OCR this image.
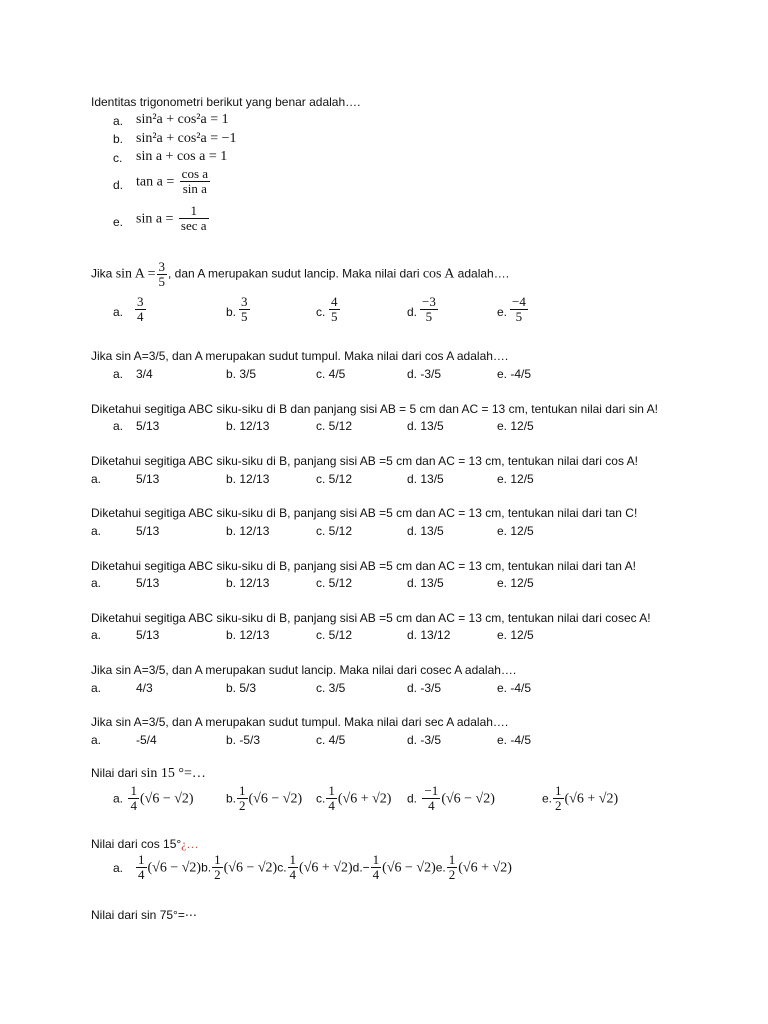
Identitas trigonometri berikut yang benar adalah….
a. sin²a + cos²a = 1
b. sin²a + cos²a = −1
c. sin a + cos a = 1
d. $\tan a = \frac{\text{cos a}}{\text{sin a}}$
e. $\sin a = \frac{1}{\text{sec a}}$
Jika $\sin A = \frac{3}{5}$ , dan A merupakan sudut lancip. Maka nilai dari cos A adalah….
a. $\frac{3}{4}$	b. $\frac{3}{5}$	c. $\frac{4}{5}$	d. $\frac{-3}{5}$	e. $\frac{-4}{5}$
Jika sin A=3/5, dan A merupakan sudut tumpul. Maka nilai dari cos A adalah….
a. 3/4	b. 3/5	c. 4/5	d. -3/5	e. -4/5
Diketahui segitiga ABC siku-siku di B dan panjang sisi AB = 5 cm dan AC = 13 cm, tentukan nilai dari sin A!
a. 5/13	b. 12/13	c. 5/12	d. 13/5	e. 12/5
Diketahui segitiga ABC siku-siku di B, panjang sisi AB =5 cm dan AC = 13 cm, tentukan nilai dari cos A!
a.	5/13	b. 12/13	c. 5/12	d. 13/5	e. 12/5
Diketahui segitiga ABC siku-siku di B, panjang sisi AB =5 cm dan AC = 13 cm, tentukan nilai dari tan C!
a.	5/13	b. 12/13	c. 5/12	d. 13/5	e. 12/5
Diketahui segitiga ABC siku-siku di B, panjang sisi AB =5 cm dan AC = 13 cm, tentukan nilai dari tan A!
a.	5/13	b. 12/13	c. 5/12	d. 13/5	e. 12/5
Diketahui segitiga ABC siku-siku di B, panjang sisi AB =5 cm dan AC = 13 cm, tentukan nilai dari cosec A!
a.	5/13	b. 12/13	c. 5/12	d. 13/12	e. 12/5
Jika sin A=3/5, dan A merupakan sudut lancip. Maka nilai dari cosec A adalah….
a.	4/3	b. 5/3	c. 3/5	d. -3/5	e. -4/5
Jika sin A=3/5, dan A merupakan sudut tumpul. Maka nilai dari sec A adalah….
a.	-5/4	b. -5/3	c. 4/5	d. -3/5	e. -4/5
Nilai dari sin 15 °=…
a. $\frac{1}{4} (√6 - √2)$	b. $\frac{1}{2} (√6 - √2)$ c. $\frac{1}{4} (√6 + √2)$ d. $\frac{-1}{4} (√6 - √2)$	e. $\frac{1}{2} (√6 + √2)$
Nilai dari cos 15°¿…
a. $\frac{1}{4} (√6 - √2)b$. $\frac{1}{2} (√6 - √2)c$. $\frac{1}{4} (√6 + √2)d.- \frac{1}{4} (√6 - √2)e$. $\frac{1}{2} (√6 + √2)$
Nilai dari sin 75°=⋯
